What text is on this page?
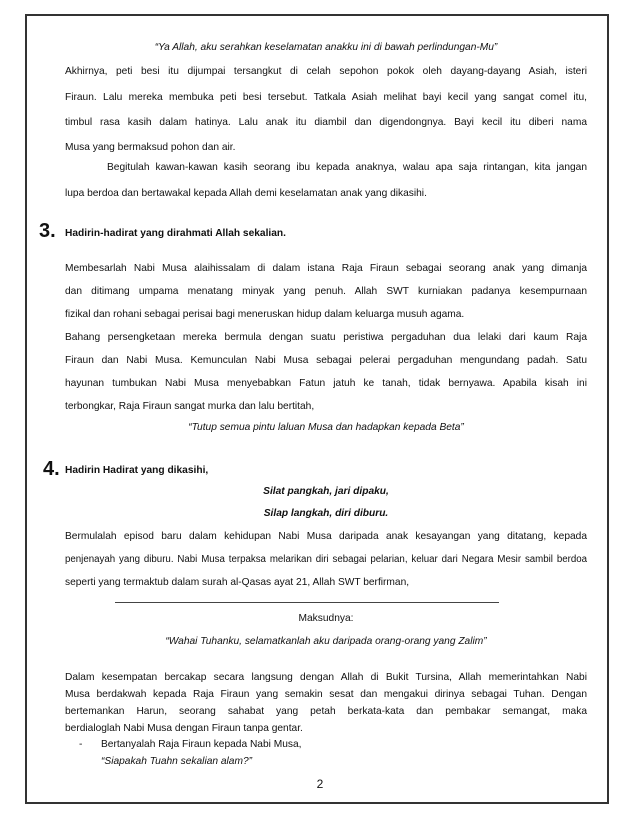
“Ya Allah, aku serahkan keselamatan anakku ini di bawah perlindungan-Mu”
Akhirnya, peti besi itu dijumpai tersangkut di celah sepohon pokok oleh dayang-dayang Asiah, isteri
Firaun. Lalu mereka membuka peti besi tersebut. Tatkala Asiah melihat bayi kecil yang sangat comel itu,
timbul rasa kasih dalam hatinya. Lalu anak itu diambil dan digendongnya. Bayi kecil itu diberi nama
Musa yang bermaksud pohon dan air.
Begitulah kawan-kawan kasih seorang ibu kepada anaknya, walau apa saja rintangan, kita jangan
lupa berdoa dan bertawakal kepada Allah demi keselamatan anak yang dikasihi.
3. Hadirin-hadirat yang dirahmati Allah sekalian.
Membesarlah Nabi Musa alaihissalam di dalam istana Raja Firaun sebagai seorang anak yang dimanja
dan ditimang umpama menatang minyak yang penuh. Allah SWT kurniakan padanya kesempurnaan
fizikal dan rohani sebagai perisai bagi meneruskan hidup dalam keluarga musuh agama.
Bahang persengketaan mereka bermula dengan suatu peristiwa pergaduhan dua lelaki dari kaum Raja
Firaun dan Nabi Musa. Kemunculan Nabi Musa sebagai pelerai pergaduhan mengundang padah. Satu
hayunan tumbukan Nabi Musa menyebabkan Fatun jatuh ke tanah, tidak bernyawa. Apabila kisah ini
terbongkar, Raja Firaun sangat murka dan lalu bertitah,
“Tutup semua pintu laluan Musa dan hadapkan kepada Beta”
4. Hadirin Hadirat yang dikasihi,
Silat pangkah, jari dipaku,
Silap langkah, diri diburu.
Bermulalah episod baru dalam kehidupan Nabi Musa daripada anak kesayangan yang ditatang, kepada
penjenayah yang diburu. Nabi Musa terpaksa melarikan diri sebagai pelarian, keluar dari Negara Mesir sambil berdoa
seperti yang termaktub dalam surah al-Qasas ayat 21, Allah SWT berfirman,
Maksudnya:
“Wahai Tuhanku, selamatkanlah aku daripada orang-orang yang Zalim”
Dalam kesempatan bercakap secara langsung dengan Allah di Bukit Tursina, Allah memerintahkan Nabi
Musa berdakwah kepada Raja Firaun yang semakin sesat dan mengakui dirinya sebagai Tuhan. Dengan
bertemankan Harun, seorang sahabat yang petah berkata-kata dan pembakar semangat, maka
berdialoglah Nabi Musa dengan Firaun tanpa gentar.
-	Bertanyalah Raja Firaun kepada Nabi Musa,
“Siapakah Tuahn sekalian alam?”
2
